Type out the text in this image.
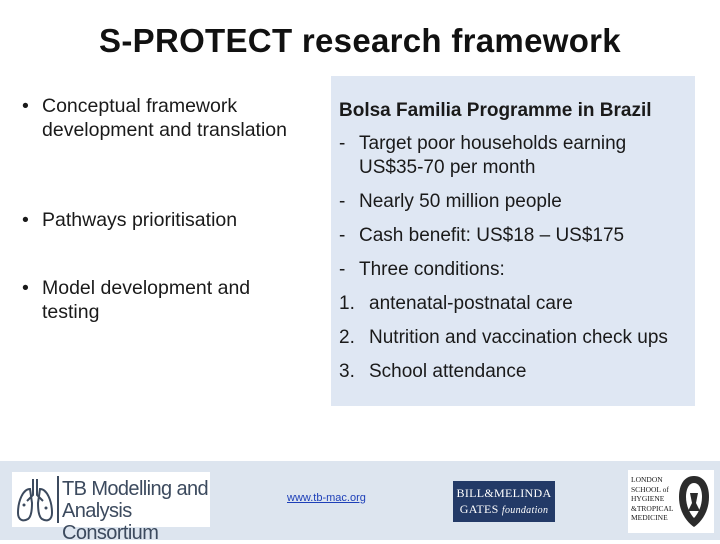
S-PROTECT research framework
• Conceptual framework development and translation
• Pathways prioritisation
• Model development and testing
Bolsa Familia Programme in Brazil
- Target poor households earning US$35-70 per month
- Nearly 50 million people
- Cash benefit: US$18 – US$175
- Three conditions:
1. antenatal-postnatal care
2. Nutrition and vaccination check ups
3. School attendance
TB Modelling and
Analysis Consortium
www.tb-mac.org	BILL&MELINDA
GATES foundation
LONDON
SCHOOL of
HYGIENE
&TROPICAL
MEDICINE
